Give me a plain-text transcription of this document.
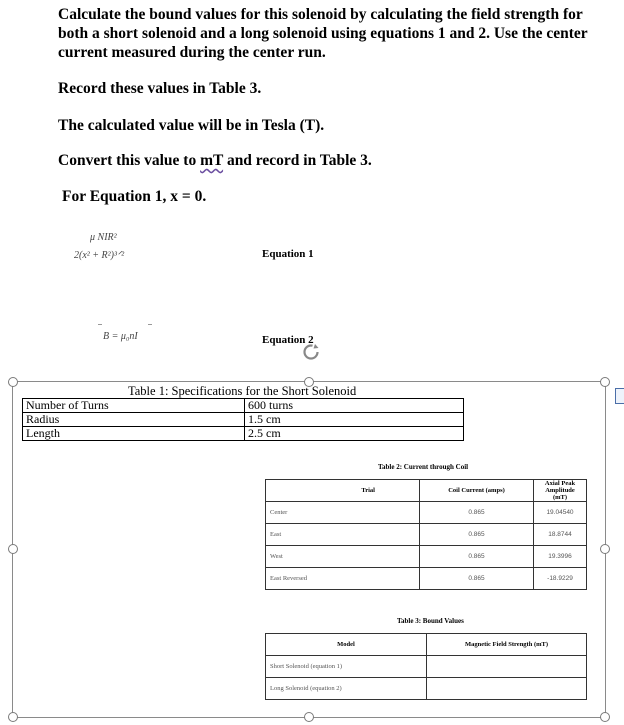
Calculate the bound values for this solenoid by calculating the field strength for both a short solenoid and a long solenoid using equations 1 and 2. Use the center current measured during the center run.

Record these values in Table 3.

The calculated value will be in Tesla (T).

Convert this value to mT and record in Table 3.

For Equation 1, x = 0.

μ NIR²
2(x² + R²)³ᐟ²	Equation 1
B = μ₀nI	Equation 2
Table 1: Specifications for the Short Solenoid
Number of Turns	600 turns
Radius	1.5 cm
Length	2.5 cm
Table 2: Current through Coil
Trial	Coil Current (amps)	Axial Peak Amplitude (mT)
Center	0.865	19.04540
East	0.865	18.8744
West	0.865	19.3996
East Reversed	0.865	-18.9229
Table 3: Bound Values
Model	Magnetic Field Strength (mT)
Short Solenoid (equation 1)	
Long Solenoid (equation 2)	
